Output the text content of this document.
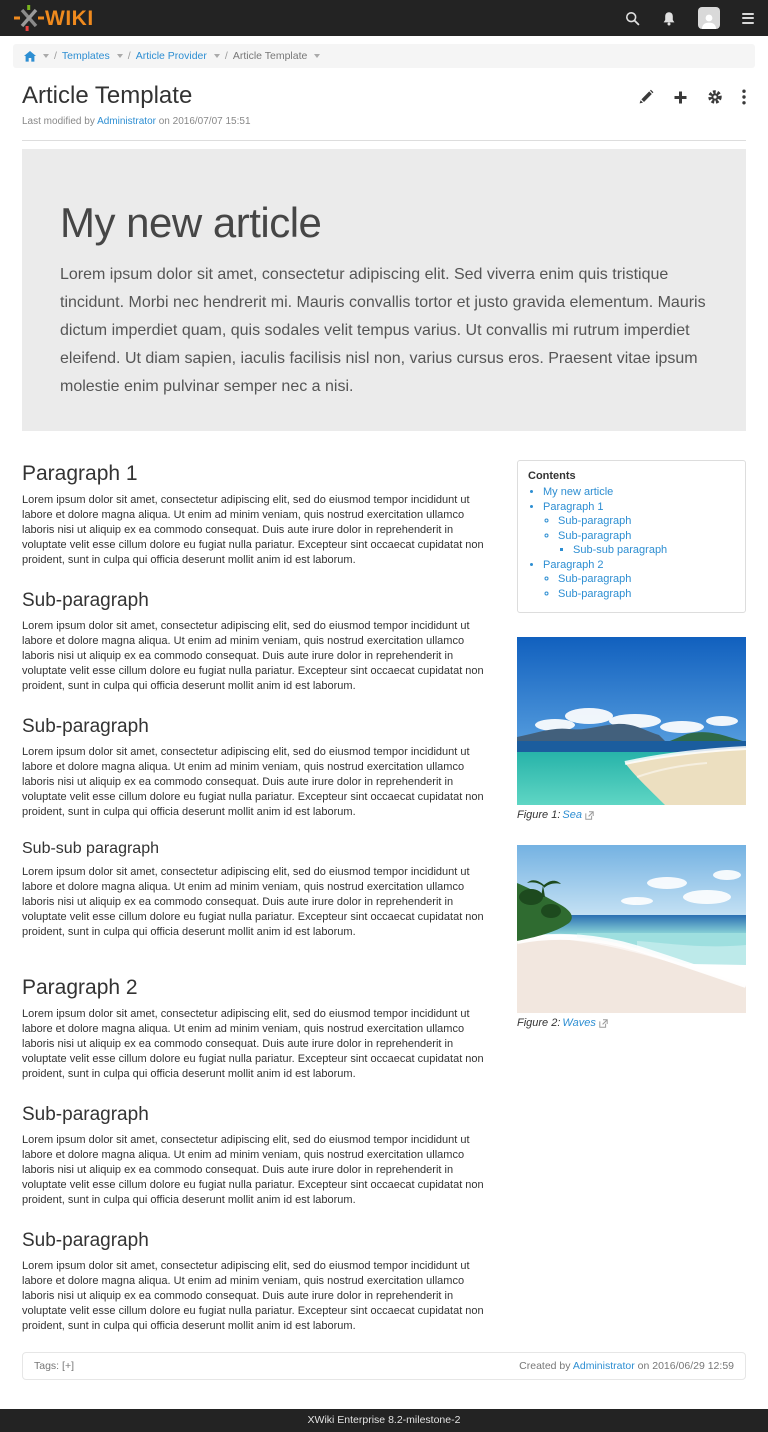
WIKI
/ Templates / Article Provider / Article Template
Article Template
Last modified by Administrator on 2016/07/07 15:51
My new article

Lorem ipsum dolor sit amet, consectetur adipiscing elit. Sed viverra enim quis tristique tincidunt. Morbi nec hendrerit mi. Mauris convallis tortor et justo gravida elementum. Mauris dictum imperdiet quam, quis sodales velit tempus varius. Ut convallis mi rutrum imperdiet eleifend. Ut diam sapien, iaculis facilisis nisl non, varius cursus eros. Praesent vitae ipsum molestie enim pulvinar semper nec a nisi.

Paragraph 1

Lorem ipsum dolor sit amet, consectetur adipiscing elit, sed do eiusmod tempor incididunt ut labore et dolore magna aliqua. Ut enim ad minim veniam, quis nostrud exercitation ullamco laboris nisi ut aliquip ex ea commodo consequat. Duis aute irure dolor in reprehenderit in voluptate velit esse cillum dolore eu fugiat nulla pariatur. Excepteur sint occaecat cupidatat non proident, sunt in culpa qui officia deserunt mollit anim id est laborum.

Sub-paragraph

Lorem ipsum dolor sit amet, consectetur adipiscing elit, sed do eiusmod tempor incididunt ut labore et dolore magna aliqua. Ut enim ad minim veniam, quis nostrud exercitation ullamco laboris nisi ut aliquip ex ea commodo consequat. Duis aute irure dolor in reprehenderit in voluptate velit esse cillum dolore eu fugiat nulla pariatur. Excepteur sint occaecat cupidatat non proident, sunt in culpa qui officia deserunt mollit anim id est laborum.

Sub-paragraph

Lorem ipsum dolor sit amet, consectetur adipiscing elit, sed do eiusmod tempor incididunt ut labore et dolore magna aliqua. Ut enim ad minim veniam, quis nostrud exercitation ullamco laboris nisi ut aliquip ex ea commodo consequat. Duis aute irure dolor in reprehenderit in voluptate velit esse cillum dolore eu fugiat nulla pariatur. Excepteur sint occaecat cupidatat non proident, sunt in culpa qui officia deserunt mollit anim id est laborum.

Sub-sub paragraph

Lorem ipsum dolor sit amet, consectetur adipiscing elit, sed do eiusmod tempor incididunt ut labore et dolore magna aliqua. Ut enim ad minim veniam, quis nostrud exercitation ullamco laboris nisi ut aliquip ex ea commodo consequat. Duis aute irure dolor in reprehenderit in voluptate velit esse cillum dolore eu fugiat nulla pariatur. Excepteur sint occaecat cupidatat non proident, sunt in culpa qui officia deserunt mollit anim id est laborum.

Paragraph 2

Lorem ipsum dolor sit amet, consectetur adipiscing elit, sed do eiusmod tempor incididunt ut labore et dolore magna aliqua. Ut enim ad minim veniam, quis nostrud exercitation ullamco laboris nisi ut aliquip ex ea commodo consequat. Duis aute irure dolor in reprehenderit in voluptate velit esse cillum dolore eu fugiat nulla pariatur. Excepteur sint occaecat cupidatat non proident, sunt in culpa qui officia deserunt mollit anim id est laborum.

Sub-paragraph

Lorem ipsum dolor sit amet, consectetur adipiscing elit, sed do eiusmod tempor incididunt ut labore et dolore magna aliqua. Ut enim ad minim veniam, quis nostrud exercitation ullamco laboris nisi ut aliquip ex ea commodo consequat. Duis aute irure dolor in reprehenderit in voluptate velit esse cillum dolore eu fugiat nulla pariatur. Excepteur sint occaecat cupidatat non proident, sunt in culpa qui officia deserunt mollit anim id est laborum.

Sub-paragraph

Lorem ipsum dolor sit amet, consectetur adipiscing elit, sed do eiusmod tempor incididunt ut labore et dolore magna aliqua. Ut enim ad minim veniam, quis nostrud exercitation ullamco laboris nisi ut aliquip ex ea commodo consequat. Duis aute irure dolor in reprehenderit in voluptate velit esse cillum dolore eu fugiat nulla pariatur. Excepteur sint occaecat cupidatat non proident, sunt in culpa qui officia deserunt mollit anim id est laborum.

Contents
• My new article
• Paragraph 1
◦ Sub-paragraph
◦ Sub-paragraph
▪ Sub-sub paragraph
• Paragraph 2
◦ Sub-paragraph
◦ Sub-paragraph
Figure 1: Sea
Figure 2: Waves
Tags: [+]	Created by Administrator on 2016/06/29 12:59
XWiki Enterprise 8.2-milestone-2
